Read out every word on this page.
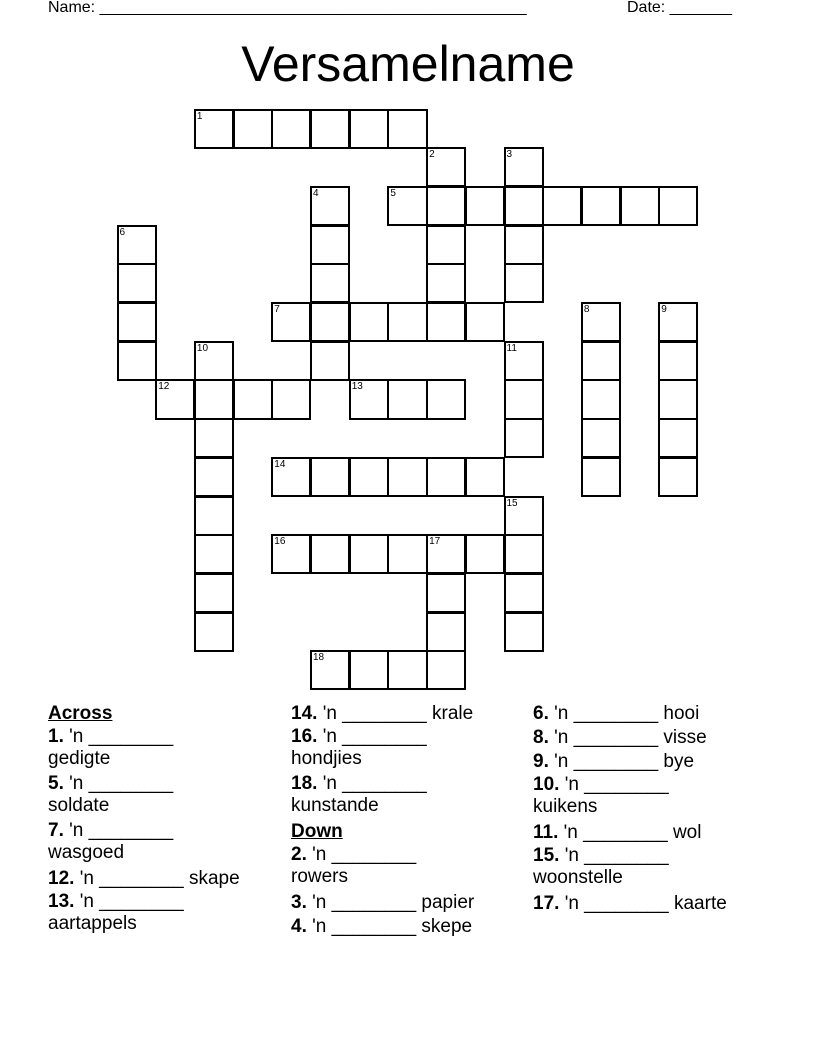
Name: ________________________________________________	Date: _______
Versamelname
1
2	3
4	5
6
7	8	9
10	11
12	13
14
15
16	17
18
Across
1. 'n ________
gedigte
5. 'n ________
soldate
7. 'n ________
wasgoed
12. 'n ________ skape
13. 'n ________
aartappels
14. 'n ________ krale
16. 'n ________
hondjies
18. 'n ________
kunstande
Down
2. 'n ________
rowers
3. 'n ________ papier
4. 'n ________ skepe
6. 'n ________ hooi
8. 'n ________ visse
9. 'n ________ bye
10. 'n ________
kuikens
11. 'n ________ wol
15. 'n ________
woonstelle
17. 'n ________ kaarte
